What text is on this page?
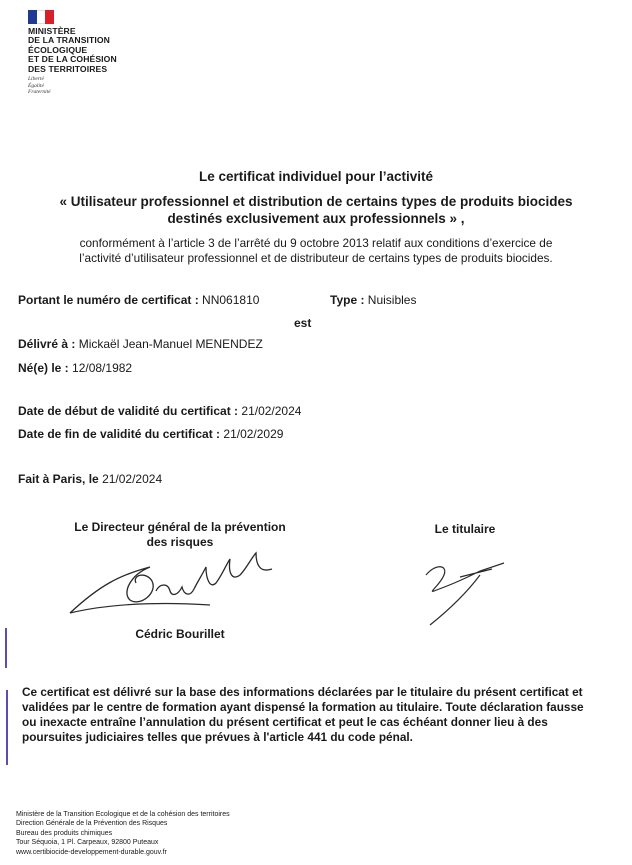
MINISTÈRE
DE LA TRANSITION
ÉCOLOGIQUE
ET DE LA COHÉSION
DES TERRITOIRES
Liberté
Égalité
Fraternité
Le certificat individuel pour l’activité
« Utilisateur professionnel et distribution de certains types de produits biocides
destinés exclusivement aux professionnels » ,
conformément à l’article 3 de l’arrêté du 9 octobre 2013 relatif aux conditions d’exercice de
l’activité d’utilisateur professionnel et de distributeur de certains types de produits biocides.
Portant le numéro de certificat : NN061810	Type : Nuisibles
est
Délivré à : Mickaël Jean-Manuel MENENDEZ
Né(e) le : 12/08/1982
Date de début de validité du certificat : 21/02/2024
Date de fin de validité du certificat : 21/02/2029
Fait à Paris, le 21/02/2024
Le Directeur général de la prévention
des risques
Cédric Bourillet
Le titulaire
Ce certificat est délivré sur la base des informations déclarées par le titulaire du présent certificat et validées par le centre de formation ayant dispensé la formation au titulaire. Toute déclaration fausse ou inexacte entraîne l’annulation du présent certificat et peut le cas échéant donner lieu à des poursuites judiciaires telles que prévues à l'article 441 du code pénal.
Ministère de la Transition Ecologique et de la cohésion des territoires
Direction Générale de la Prévention des Risques
Bureau des produits chimiques
Tour Séquoia, 1 Pl. Carpeaux, 92800 Puteaux
www.certibiocide-developpement-durable.gouv.fr
